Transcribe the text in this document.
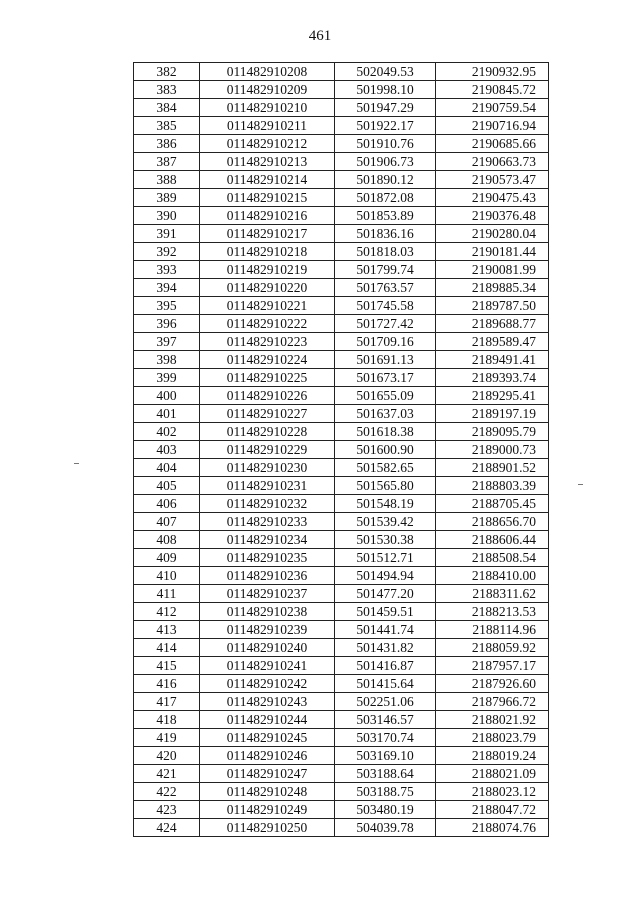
461
382	011482910208	502049.53	2190932.95
383	011482910209	501998.10	2190845.72
384	011482910210	501947.29	2190759.54
385	011482910211	501922.17	2190716.94
386	011482910212	501910.76	2190685.66
387	011482910213	501906.73	2190663.73
388	011482910214	501890.12	2190573.47
389	011482910215	501872.08	2190475.43
390	011482910216	501853.89	2190376.48
391	011482910217	501836.16	2190280.04
392	011482910218	501818.03	2190181.44
393	011482910219	501799.74	2190081.99
394	011482910220	501763.57	2189885.34
395	011482910221	501745.58	2189787.50
396	011482910222	501727.42	2189688.77
397	011482910223	501709.16	2189589.47
398	011482910224	501691.13	2189491.41
399	011482910225	501673.17	2189393.74
400	011482910226	501655.09	2189295.41
401	011482910227	501637.03	2189197.19
402	011482910228	501618.38	2189095.79
403	011482910229	501600.90	2189000.73
404	011482910230	501582.65	2188901.52
405	011482910231	501565.80	2188803.39
406	011482910232	501548.19	2188705.45
407	011482910233	501539.42	2188656.70
408	011482910234	501530.38	2188606.44
409	011482910235	501512.71	2188508.54
410	011482910236	501494.94	2188410.00
411	011482910237	501477.20	2188311.62
412	011482910238	501459.51	2188213.53
413	011482910239	501441.74	2188114.96
414	011482910240	501431.82	2188059.92
415	011482910241	501416.87	2187957.17
416	011482910242	501415.64	2187926.60
417	011482910243	502251.06	2187966.72
418	011482910244	503146.57	2188021.92
419	011482910245	503170.74	2188023.79
420	011482910246	503169.10	2188019.24
421	011482910247	503188.64	2188021.09
422	011482910248	503188.75	2188023.12
423	011482910249	503480.19	2188047.72
424	011482910250	504039.78	2188074.76
